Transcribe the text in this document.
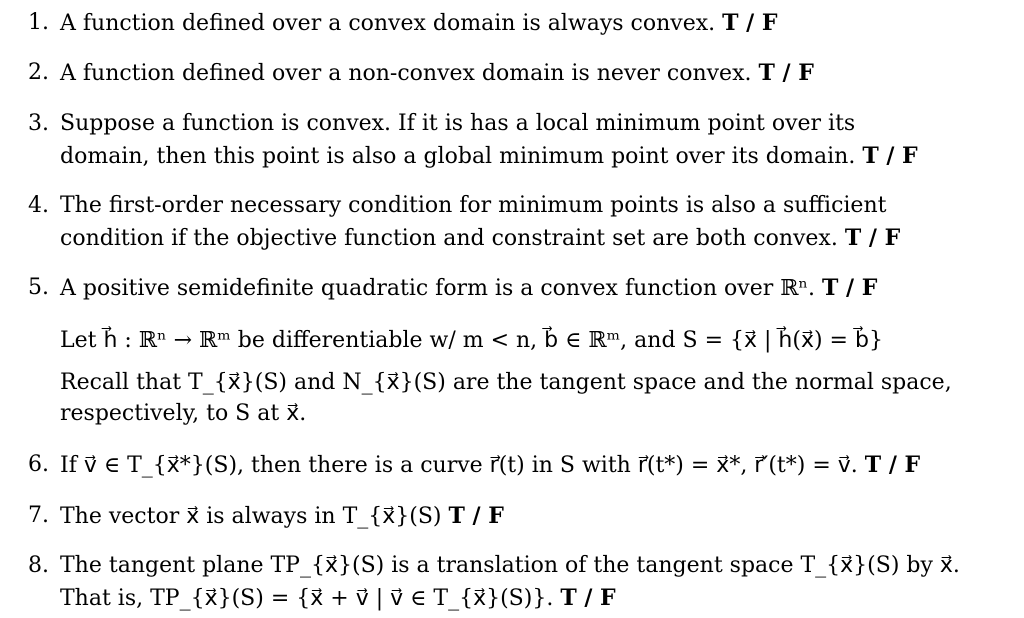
1. A function defined over a convex domain is always convex. T / F
2. A function defined over a non-convex domain is never convex. T / F
3. Suppose a function is convex. If it is has a local minimum point over its
domain, then this point is also a global minimum point over its domain. T / F
4. The first-order necessary condition for minimum points is also a sufficient
condition if the objective function and constraint set are both convex. T / F
5. A positive semidefinite quadratic form is a convex function over ℝⁿ. T / F
Let h⃗ : ℝⁿ → ℝᵐ be differentiable w/ m < n, b⃗ ∈ ℝᵐ, and S = {x⃗ | h⃗(x⃗) = b⃗}
Recall that T_{x⃗}(S) and N_{x⃗}(S) are the tangent space and the normal space,
respectively, to S at x⃗.
6. If v⃗ ∈ T_{x⃗*}(S), then there is a curve r⃗(t) in S with r⃗(t*) = x⃗*, r⃗′(t*) = v⃗. T / F
7. The vector x⃗ is always in T_{x⃗}(S) T / F
8. The tangent plane TP_{x⃗}(S) is a translation of the tangent space T_{x⃗}(S) by x⃗.
That is, TP_{x⃗}(S) = {x⃗ + v⃗ | v⃗ ∈ T_{x⃗}(S)}. T / F
